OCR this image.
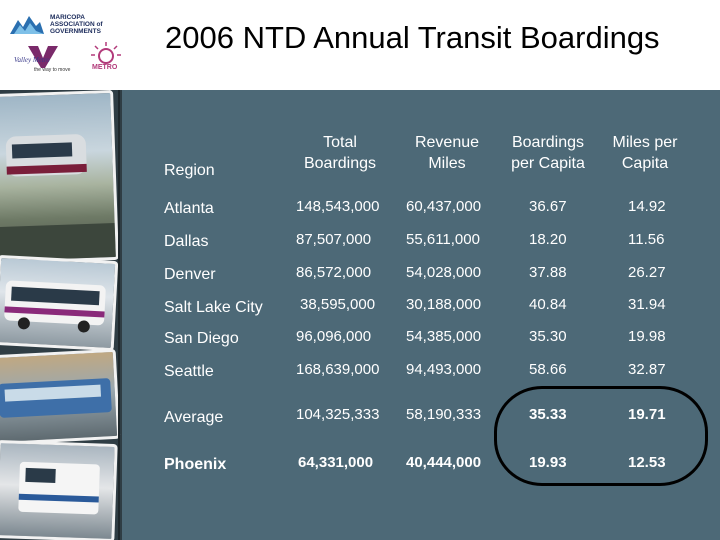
MARICOPA ASSOCIATION of GOVERNMENTS
Valley Metro
the way to move	METRO
2006 NTD Annual Transit Boardings
Region
Total Boardings
Revenue Miles
Boardings per Capita
Miles per Capita
Atlanta	148,543,000 60,437,000	36.67	14.92
Dallas	87,507,000 55,611,000	18.20	11.56
Denver	86,572,000 54,028,000	37.88	26.27
Salt Lake City 38,595,000 30,188,000	40.84	31.94
San Diego	96,096,000 54,385,000	35.30	19.98
Seattle	168,639,000 94,493,000	58.66	32.87
Average	104,325,333 58,190,333	35.33	19.71
Phoenix	64,331,000 40,444,000	19.93	12.53
